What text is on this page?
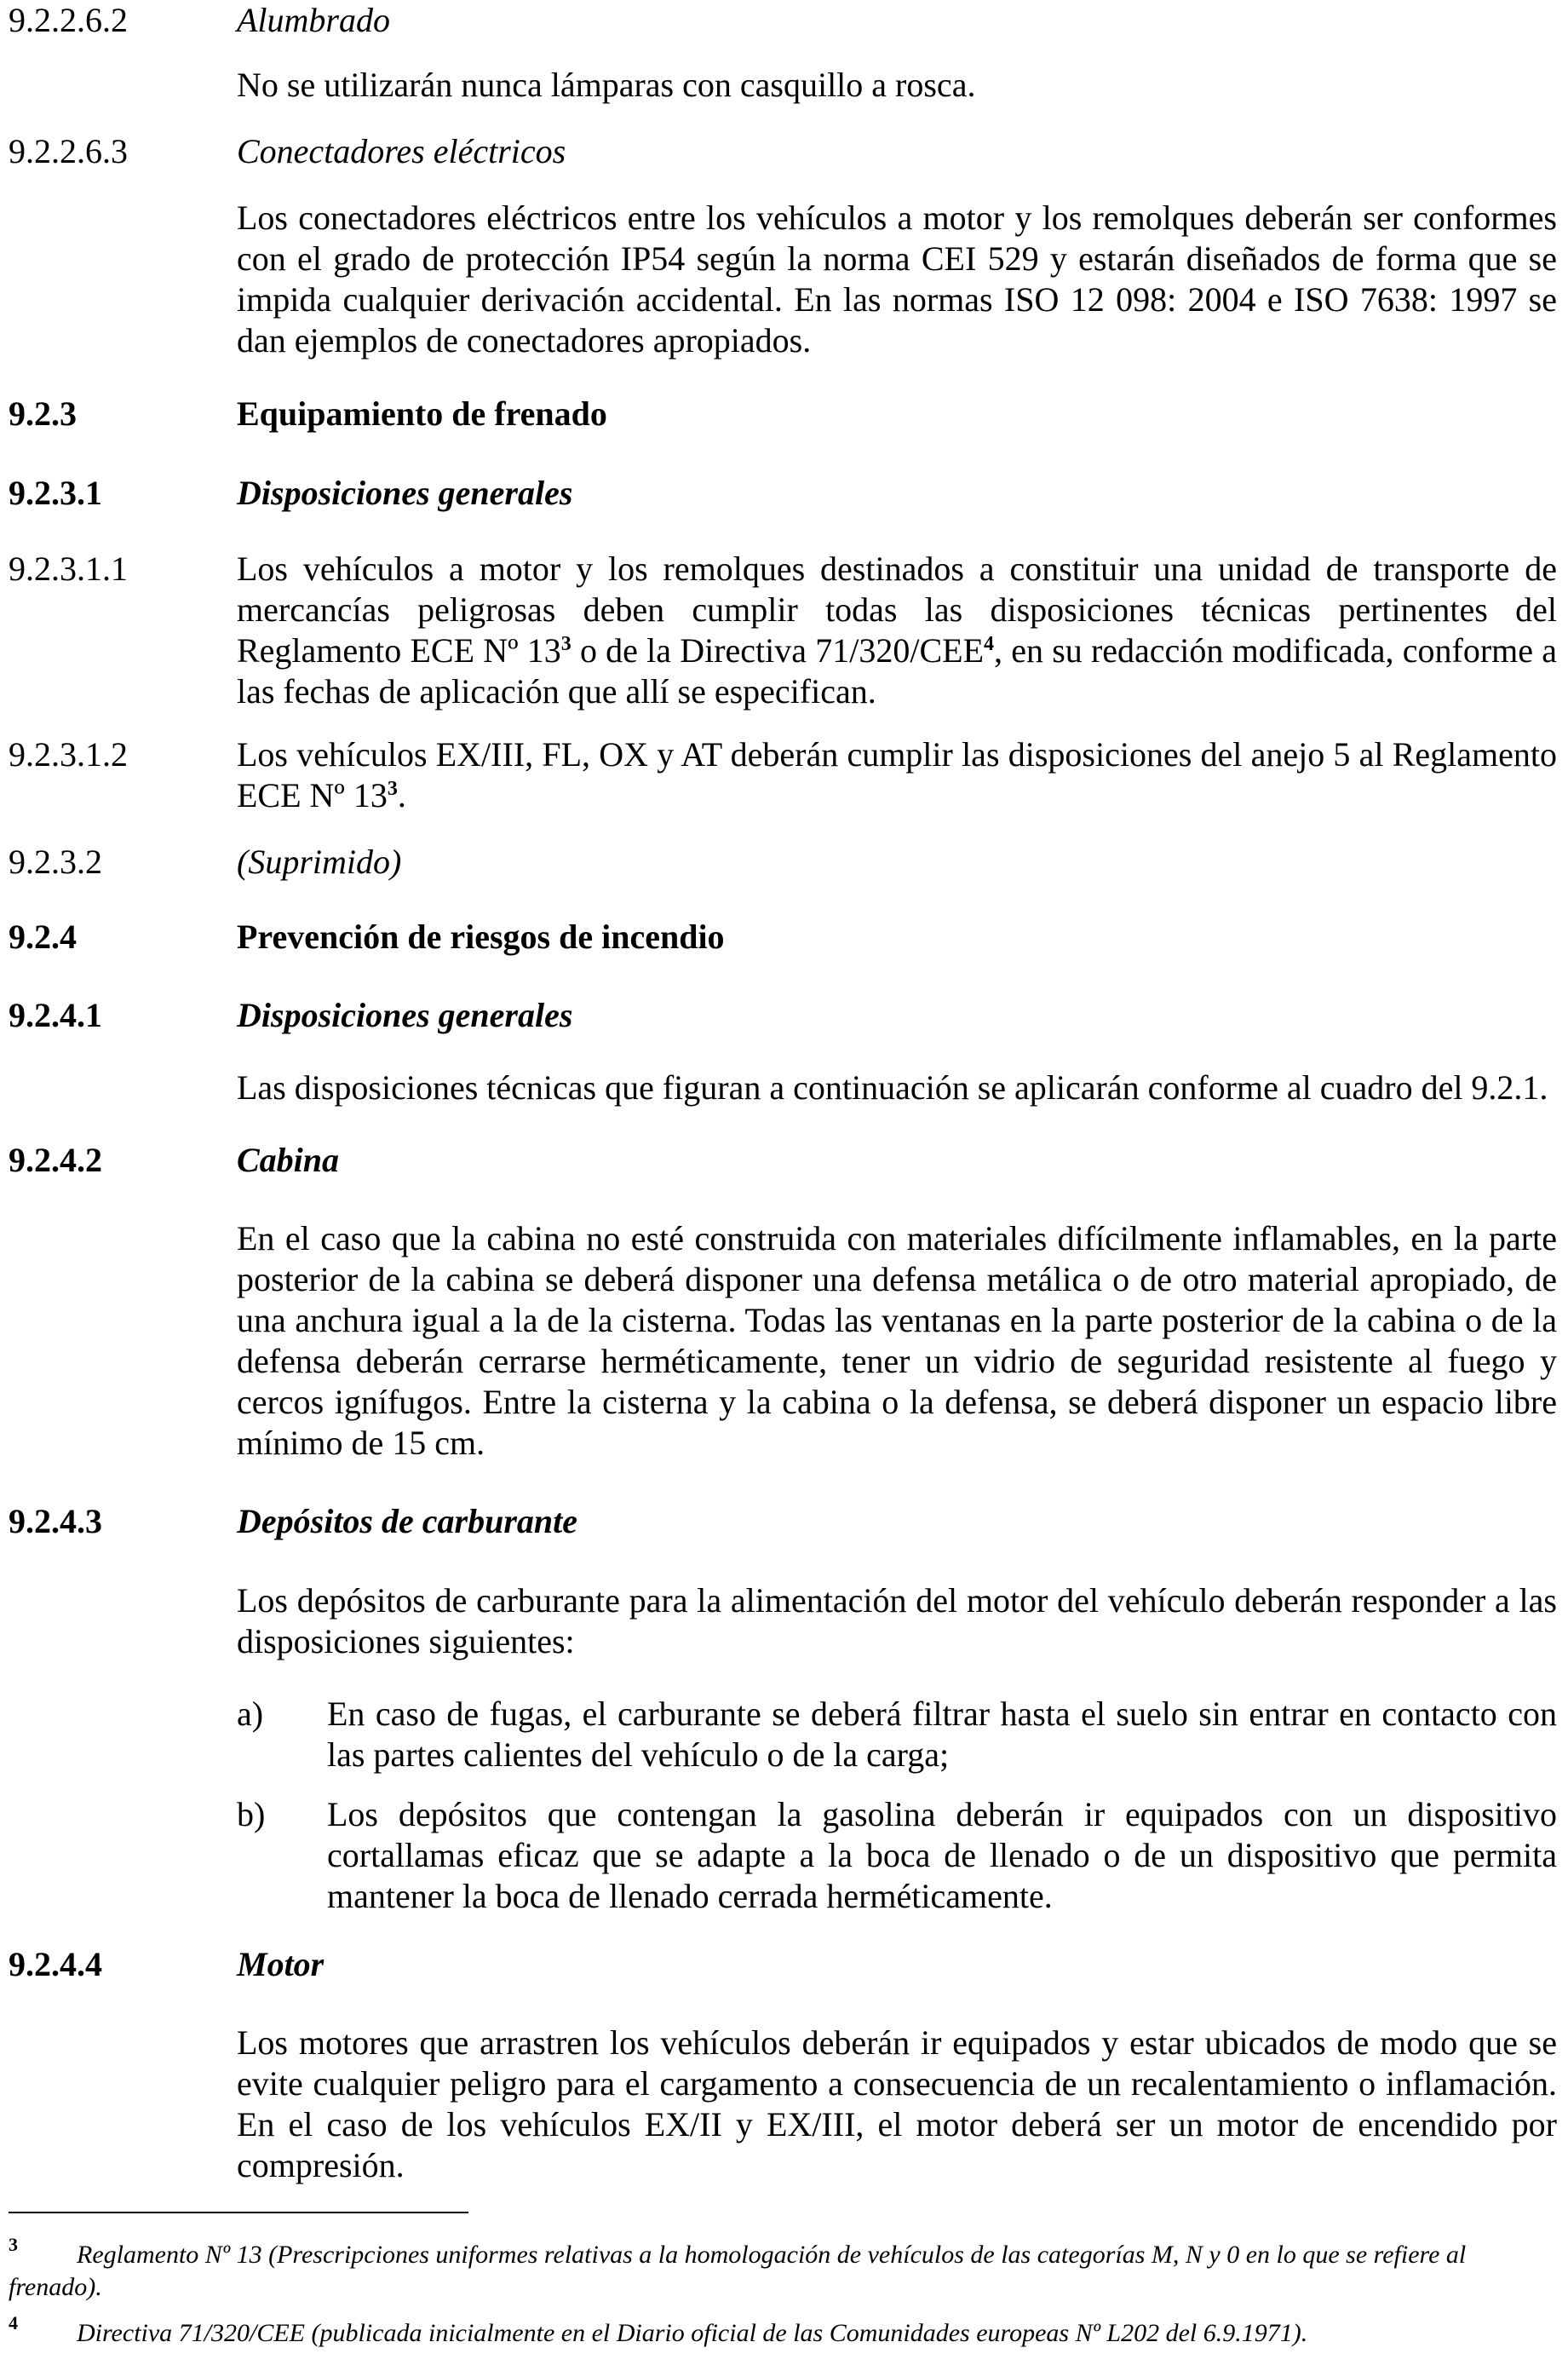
9.2.2.6.2	Alumbrado

No se utilizarán nunca lámparas con casquillo a rosca.

9.2.2.6.3	Conectadores eléctricos

Los conectadores eléctricos entre los vehículos a motor y los remolques deberán ser conformes con el grado de protección IP54 según la norma CEI 529 y estarán diseñados de forma que se impida cualquier derivación accidental. En las normas ISO 12 098: 2004 e ISO 7638: 1997 se dan ejemplos de conectadores apropiados.

9.2.3	Equipamiento de frenado
9.2.3.1	Disposiciones generales
9.2.3.1.1	Los vehículos a motor y los remolques destinados a constituir una unidad de transporte de mercancías peligrosas deben cumplir todas las disposiciones técnicas pertinentes del Reglamento ECE Nº 13$^3$ o de la Directiva 71/320/CEE$^4$, en su redacción modificada, conforme a las fechas de aplicación que allí se especifican.

9.2.3.1.2	Los vehículos EX/III, FL, OX y AT deberán cumplir las disposiciones del anejo 5 al Reglamento ECE Nº 13$^3$.

9.2.3.2	(Suprimido)
9.2.4	Prevención de riesgos de incendio
9.2.4.1	Disposiciones generales

Las disposiciones técnicas que figuran a continuación se aplicarán conforme al cuadro del 9.2.1.

9.2.4.2	Cabina

En el caso que la cabina no esté construida con materiales difícilmente inflamables, en la parte posterior de la cabina se deberá disponer una defensa metálica o de otro material apropiado, de una anchura igual a la de la cisterna. Todas las ventanas en la parte posterior de la cabina o de la defensa deberán cerrarse herméticamente, tener un vidrio de seguridad resistente al fuego y cercos ignífugos. Entre la cisterna y la cabina o la defensa, se deberá disponer un espacio libre mínimo de 15 cm.

9.2.4.3	Depósitos de carburante

Los depósitos de carburante para la alimentación del motor del vehículo deberán responder a las disposiciones siguientes:

a) En caso de fugas, el carburante se deberá filtrar hasta el suelo sin entrar en contacto con las partes calientes del vehículo o de la carga;

b) Los depósitos que contengan la gasolina deberán ir equipados con un dispositivo cortallamas eficaz que se adapte a la boca de llenado o de un dispositivo que permita mantener la boca de llenado cerrada herméticamente.

9.2.4.4	Motor

Los motores que arrastren los vehículos deberán ir equipados y estar ubicados de modo que se evite cualquier peligro para el cargamento a consecuencia de un recalentamiento o inflamación. En el caso de los vehículos EX/II y EX/III, el motor deberá ser un motor de encendido por compresión.

3	Reglamento Nº 13 (Prescripciones uniformes relativas a la homologación de vehículos de las categorías M, N y 0 en lo que se refiere al frenado).

4	Directiva 71/320/CEE (publicada inicialmente en el Diario oficial de las Comunidades europeas Nº L202 del 6.9.1971).
